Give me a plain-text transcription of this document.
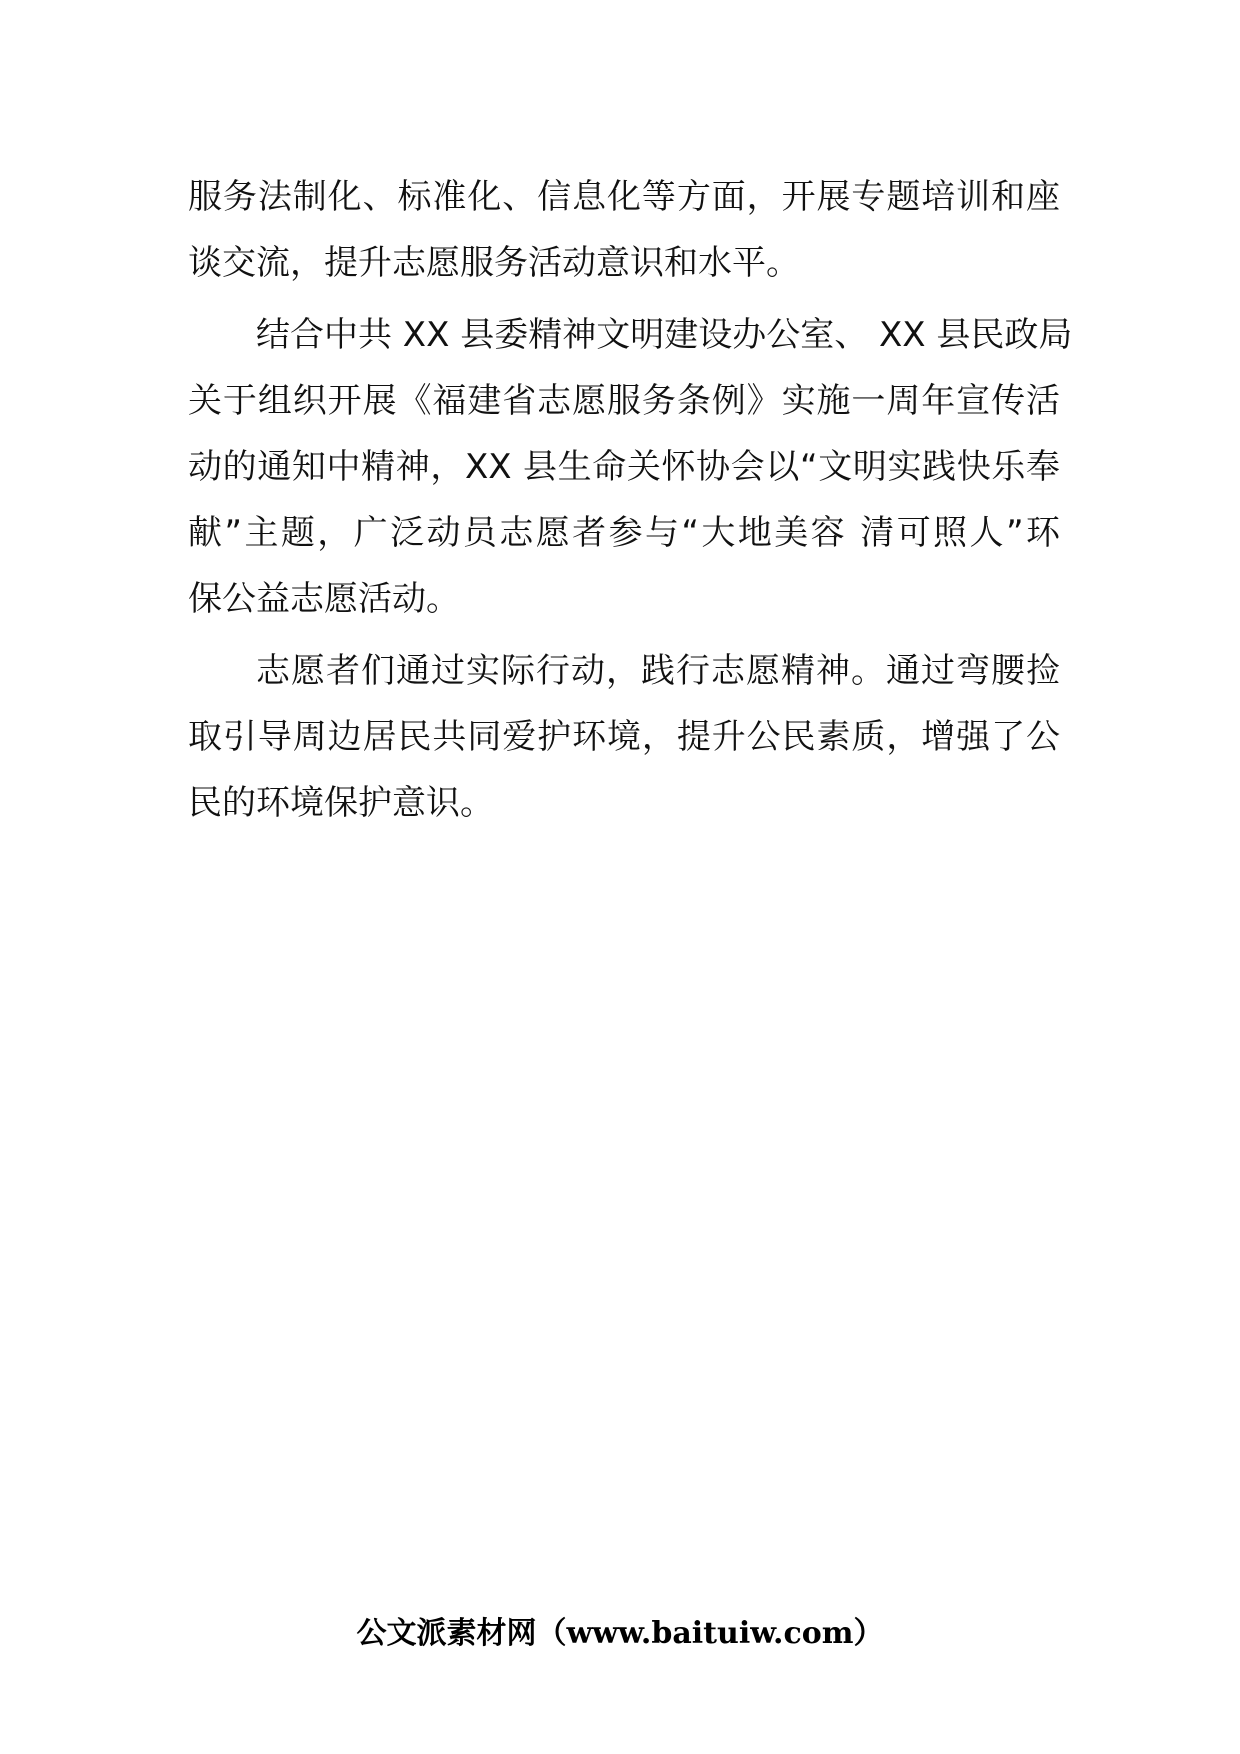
服务法制化、标准化、信息化等方面，开展专题培训和座
谈交流，提升志愿服务活动意识和水平。

结合中共 XX 县委精神文明建设办公室、 XX 县民政局
关于组织开展《福建省志愿服务条例》实施一周年宣传活
动的通知中精神，XX 县生命关怀协会以“文明实践快乐奉
献”主题，广泛动员志愿者参与“大地美容 清可照人”环
保公益志愿活动。

志愿者们通过实际行动，践行志愿精神。通过弯腰捡
取引导周边居民共同爱护环境，提升公民素质，增强了公
民的环境保护意识。

公文派素材网（www.baituiw.com）
